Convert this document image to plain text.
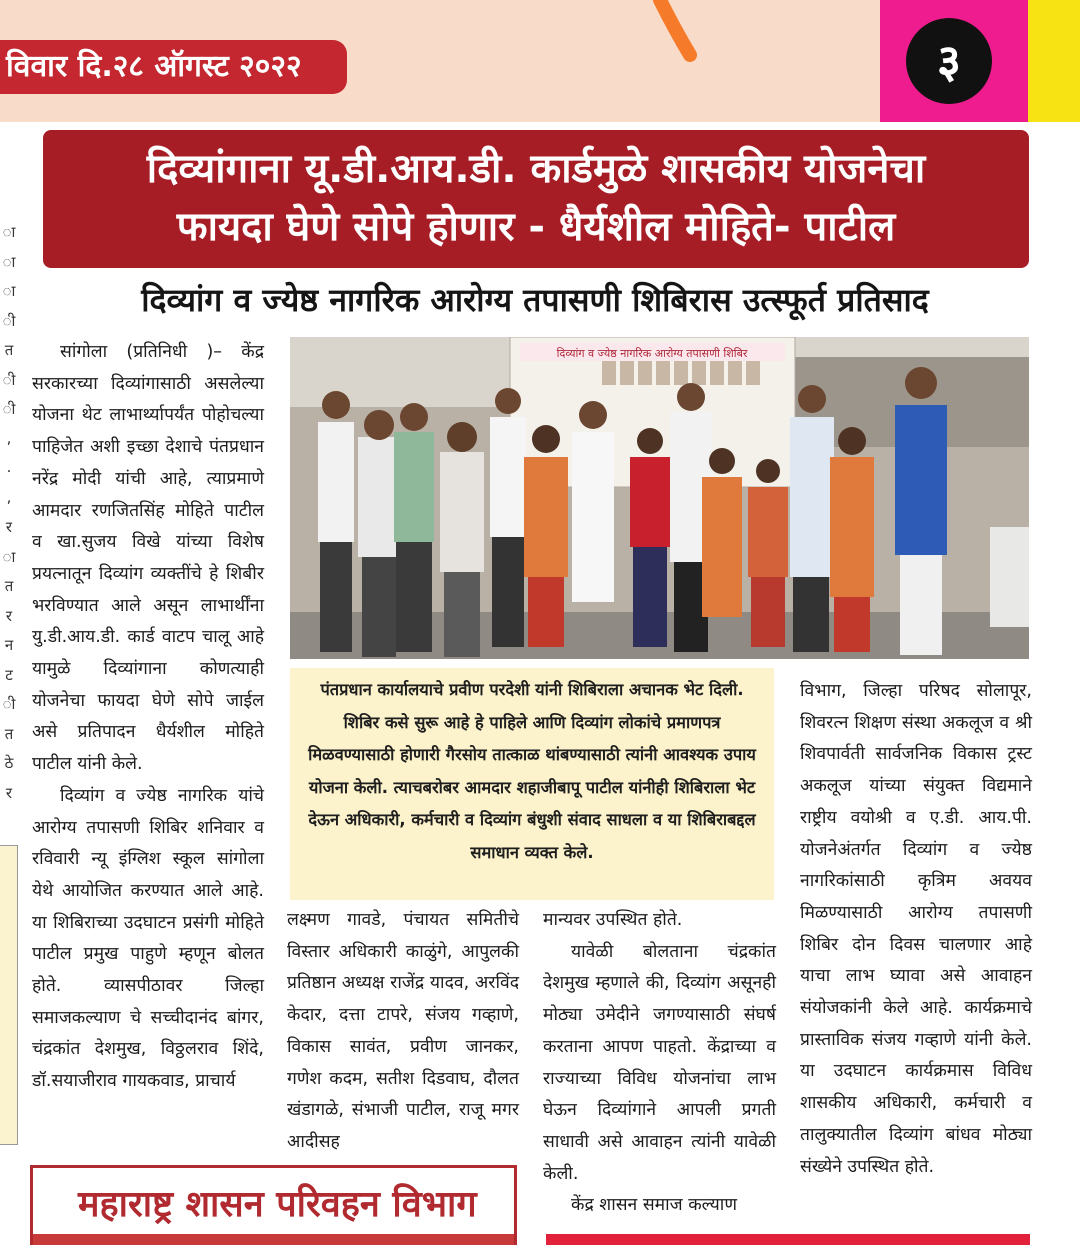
विवार दि.२८ ऑगस्ट २०२२	३
ा
ा
ा
ी
त
ी
ी
,
.
,
र
ा
त
र
न
ट
ी
त
ठे
र
दिव्यांगाना यू.डी.आय.डी. कार्डमुळे शासकीय योजनेचा
फायदा घेणे सोपे होणार - धैर्यशील मोहिते- पाटील
दिव्यांग व ज्येष्ठ नागरिक आरोग्य तपासणी शिबिरास उत्स्फूर्त प्रतिसाद
दिव्यांग व ज्येष्ठ नागरिक आरोग्य तपासणी शिबिर
पंतप्रधान कार्यालयाचे प्रवीण परदेशी यांनी शिबिराला अचानक भेट दिली. शिबिर कसे सुरू आहे हे पाहिले आणि दिव्यांग लोकांचे प्रमाणपत्र मिळवण्यासाठी होणारी गैरसोय तात्काळ थांबण्यासाठी त्यांनी आवश्यक उपाय योजना केली. त्याचबरोबर आमदार शहाजीबापू पाटील यांनीही शिबिराला भेट देऊन अधिकारी, कर्मचारी व दिव्यांग बंधुशी संवाद साधला व या शिबिराबद्दल समाधान व्यक्त केले.

सांगोला (प्रतिनिधी )– केंद्र सरकारच्या दिव्यांगासाठी असलेल्या योजना थेट लाभार्थ्यापर्यंत पोहोचल्या पाहिजेत अशी इच्छा देशाचे पंतप्रधान नरेंद्र मोदी यांची आहे, त्याप्रमाणे आमदार रणजितसिंह मोहिते पाटील व खा.सुजय विखे यांच्या विशेष प्रयत्नातून दिव्यांग व्यक्तींचे हे शिबीर भरविण्यात आले असून लाभार्थींना यु.डी.आय.डी. कार्ड वाटप चालू आहे यामुळे दिव्यांगाना कोणत्याही योजनेचा फायदा घेणे सोपे जाईल असे प्रतिपादन धैर्यशील मोहिते पाटील यांनी केले.

दिव्यांग व ज्येष्ठ नागरिक यांचे आरोग्य तपासणी शिबिर शनिवार व रविवारी न्यू इंग्लिश स्कूल सांगोला येथे आयोजित करण्यात आले आहे. या शिबिराच्या उदघाटन प्रसंगी मोहिते पाटील प्रमुख पाहुणे म्हणून बोलत होते. व्यासपीठावर जिल्हा समाजकल्याण चे सच्चीदानंद बांगर, चंद्रकांत देशमुख, विठ्ठलराव शिंदे, डॉ.सयाजीराव गायकवाड, प्राचार्य

लक्ष्मण गावडे, पंचायत समितीचे विस्तार अधिकारी काळुंगे, आपुलकी प्रतिष्ठान अध्यक्ष राजेंद्र यादव, अरविंद केदार, दत्ता टापरे, संजय गव्हाणे, विकास सावंत, प्रवीण जानकर, गणेश कदम, सतीश दिडवाघ, दौलत खंडागळे, संभाजी पाटील, राजू मगर आदीसह

मान्यवर उपस्थित होते.

यावेळी बोलताना चंद्रकांत देशमुख म्हणाले की, दिव्यांग असूनही मोठ्या उमेदीने जगण्यासाठी संघर्ष करताना आपण पाहतो. केंद्राच्या व राज्याच्या विविध योजनांचा लाभ घेऊन दिव्यांगाने आपली प्रगती साधावी असे आवाहन त्यांनी यावेळी केली.

केंद्र शासन समाज कल्याण

विभाग, जिल्हा परिषद सोलापूर, शिवरत्न शिक्षण संस्था अकलूज व श्री शिवपार्वती सार्वजनिक विकास ट्रस्ट अकलूज यांच्या संयुक्त विद्यमाने राष्ट्रीय वयोश्री व ए.डी. आय.पी. योजनेअंतर्गत दिव्यांग व ज्येष्ठ नागरिकांसाठी कृत्रिम अवयव मिळण्यासाठी आरोग्य तपासणी शिबिर दोन दिवस चालणार आहे याचा लाभ घ्यावा असे आवाहन संयोजकांनी केले आहे. कार्यक्रमाचे प्रास्ताविक संजय गव्हाणे यांनी केले. या उदघाटन कार्यक्रमास विविध शासकीय अधिकारी, कर्मचारी व तालुक्यातील दिव्यांग बांधव मोठ्या संख्येने उपस्थित होते.

महाराष्ट्र शासन परिवहन विभाग
